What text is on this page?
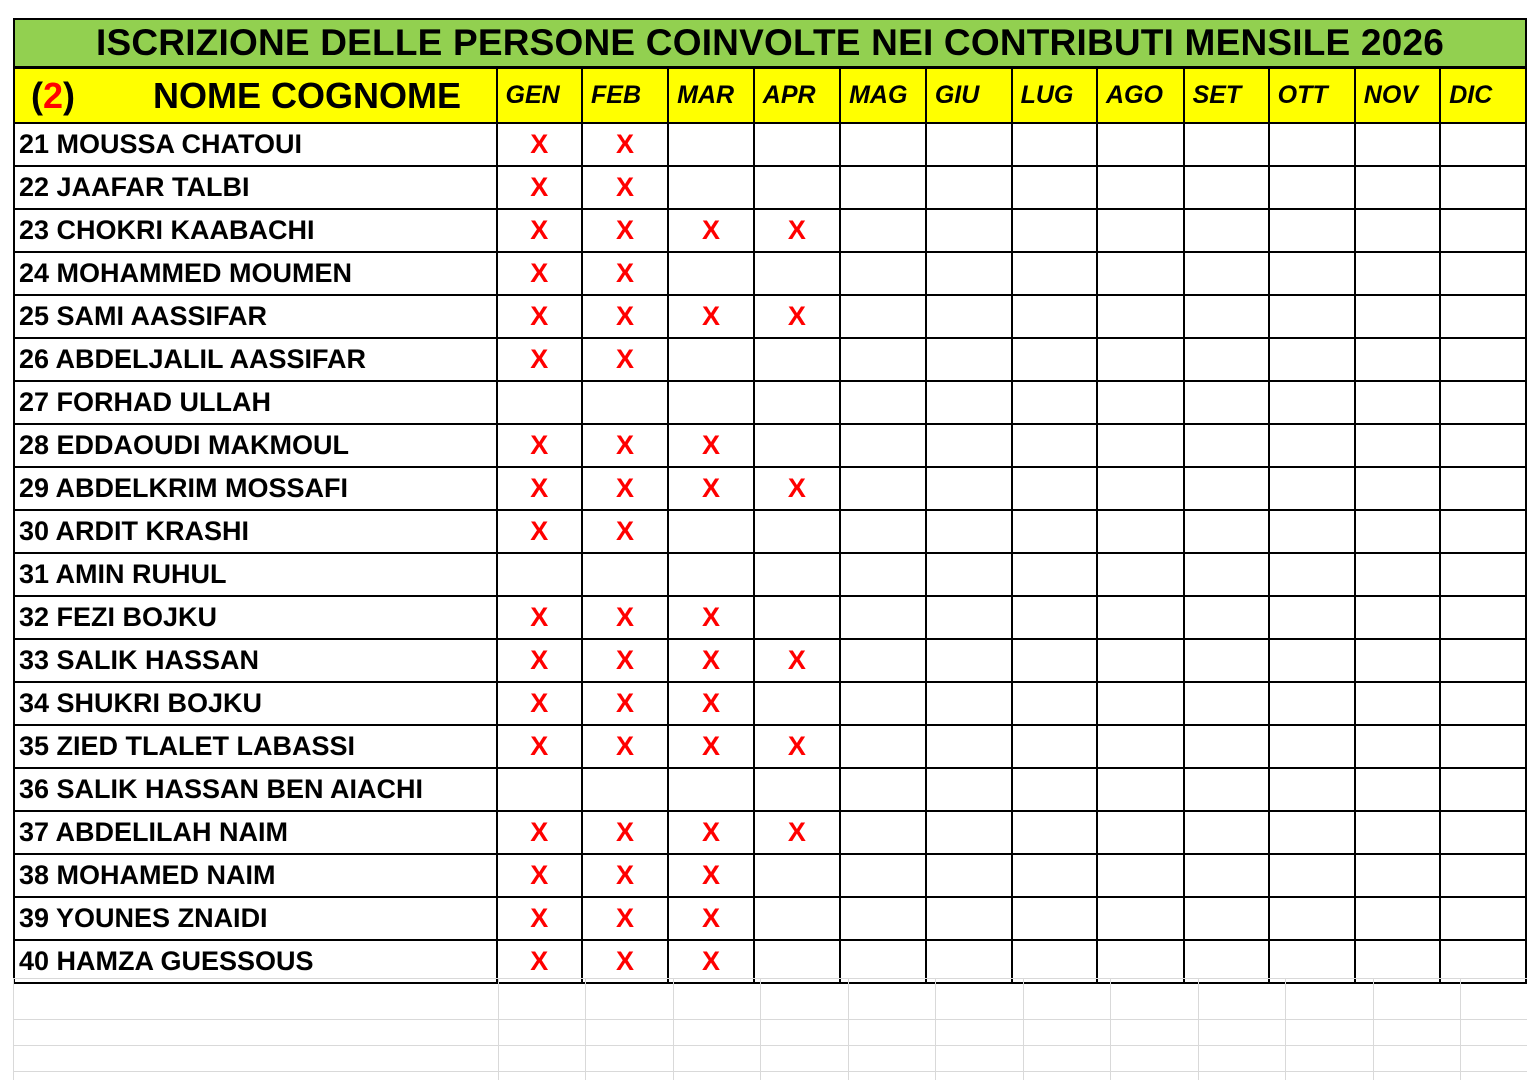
ISCRIZIONE DELLE PERSONE COINVOLTE NEI CONTRIBUTI MENSILE 2026
(2) NOME COGNOME	GEN	FEB	MAR	APR	MAG	GIU	LUG	AGO	SET	OTT	NOV	DIC
21 MOUSSA CHATOUI	X	X										
22 JAAFAR TALBI	X	X										
23 CHOKRI KAABACHI	X	X	X	X								
24 MOHAMMED MOUMEN	X	X										
25 SAMI AASSIFAR	X	X	X	X								
26 ABDELJALIL AASSIFAR	X	X										
27 FORHAD ULLAH												
28 EDDAOUDI MAKMOUL	X	X	X									
29 ABDELKRIM MOSSAFI	X	X	X	X								
30 ARDIT KRASHI	X	X										
31 AMIN RUHUL												
32 FEZI BOJKU	X	X	X									
33 SALIK HASSAN	X	X	X	X								
34 SHUKRI BOJKU	X	X	X									
35 ZIED TLALET LABASSI	X	X	X	X								
36 SALIK HASSAN BEN AIACHI												
37 ABDELILAH NAIM	X	X	X	X								
38 MOHAMED NAIM	X	X	X									
39 YOUNES ZNAIDI	X	X	X									
40 HAMZA GUESSOUS	X	X	X									
